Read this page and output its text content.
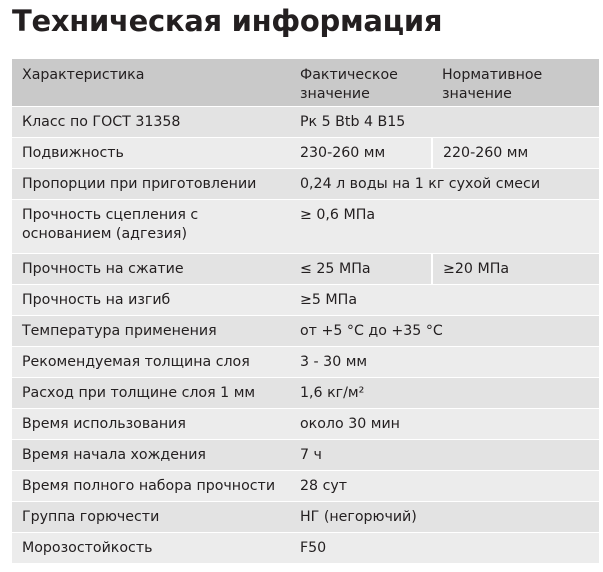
Техническая информация
Характеристика	Фактическое значение	Нормативное значение
Класс по ГОСТ 31358	Рк 5 Btb 4 B15	
Подвижность	230-260 мм	220-260 мм
Пропорции при приготовлении	0,24 л воды на 1 кг сухой смеси	
Прочность сцепления с основанием (адгезия)	≥ 0,6 МПа	
Прочность на сжатие	≤ 25 МПа	≥20 МПа
Прочность на изгиб	≥5 МПа	
Температура применения	от +5 °С до +35 °С	
Рекомендуемая толщина слоя	3 - 30 мм	
Расход при толщине слоя 1 мм	1,6 кг/м²	
Время использования	около 30 мин	
Время начала хождения	7 ч	
Время полного набора прочности	28 сут	
Группа горючести	НГ (негорючий)	
Морозостойкость	F50	
